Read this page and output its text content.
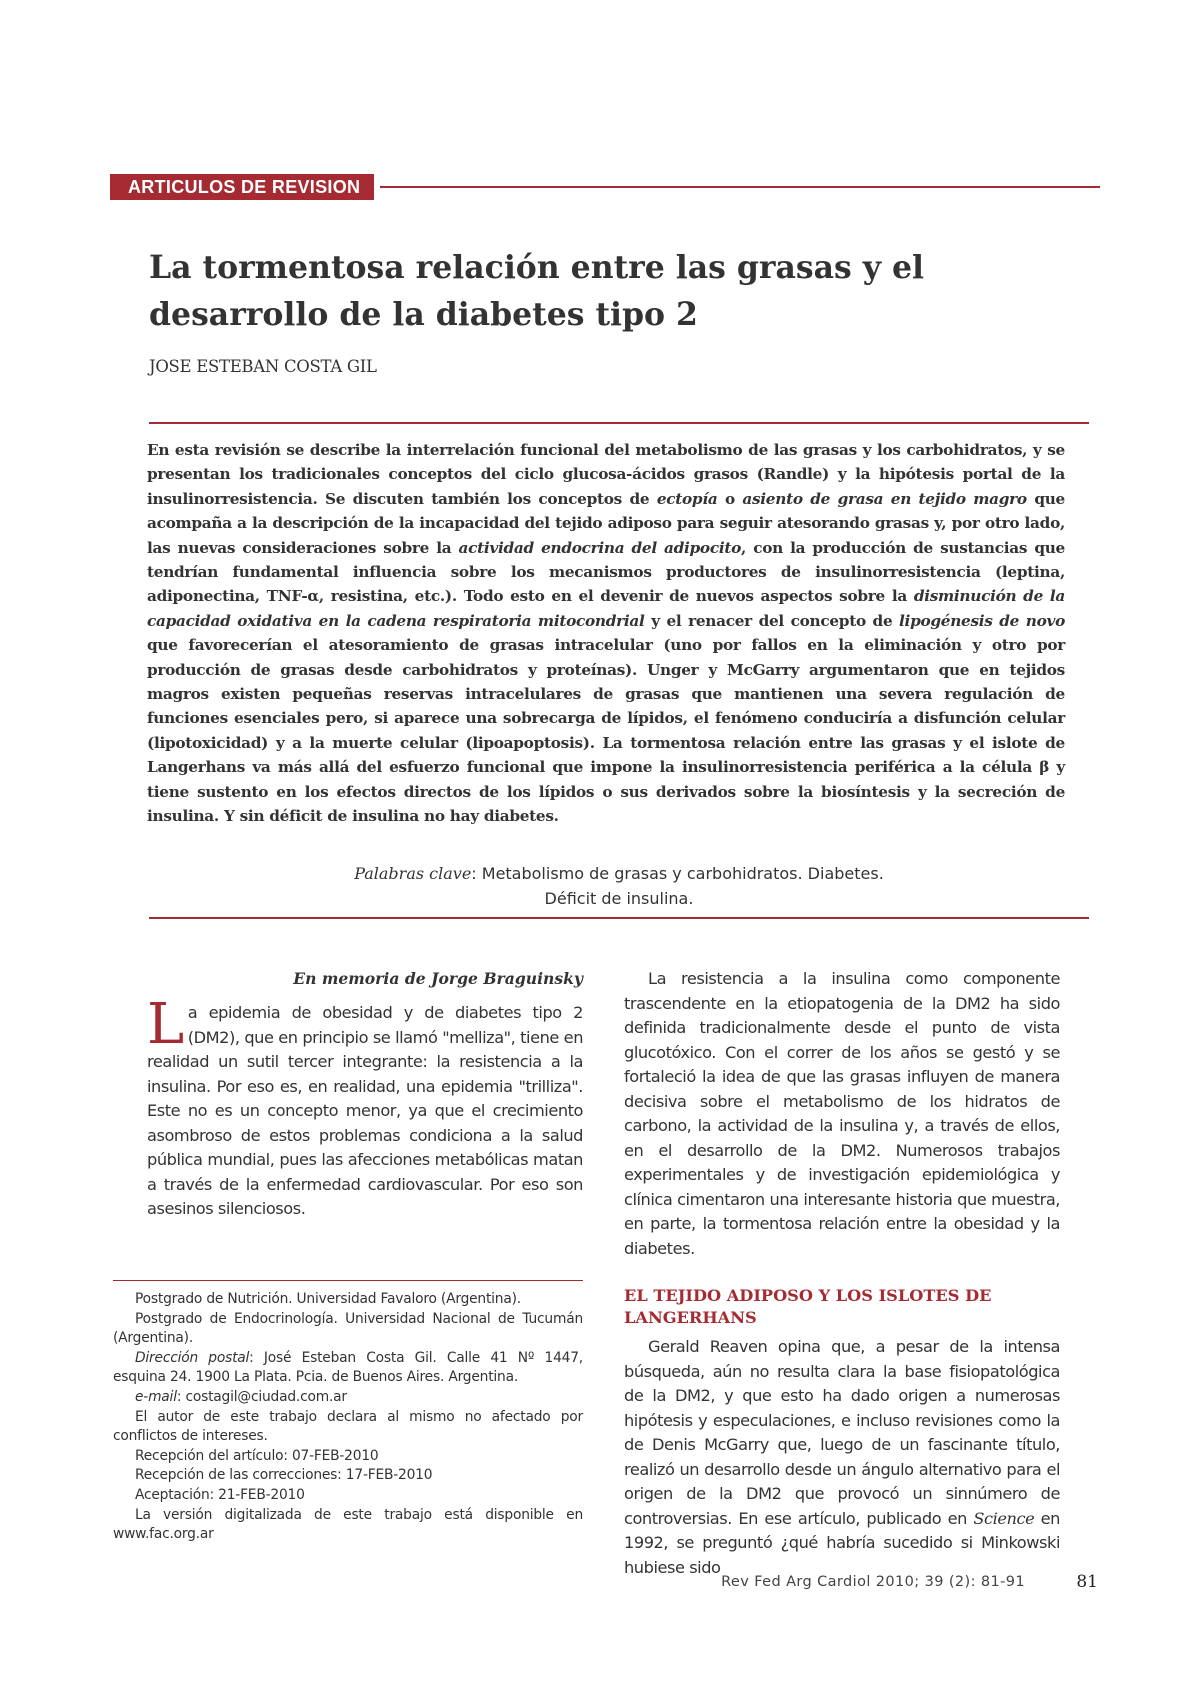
ARTICULOS DE REVISION
La tormentosa relación entre las grasas y el desarrollo de la diabetes tipo 2

JOSE ESTEBAN COSTA GIL

En esta revisión se describe la interrelación funcional del metabolismo de las grasas y los carbohidratos, y se presentan los tradicionales conceptos del ciclo glucosa-ácidos grasos (Randle) y la hipótesis portal de la insulinorresistencia. Se discuten también los conceptos de ectopía o asiento de grasa en tejido magro que acompaña a la descripción de la incapacidad del tejido adiposo para seguir atesorando grasas y, por otro lado, las nuevas consideraciones sobre la actividad endocrina del adipocito, con la producción de sustancias que tendrían fundamental influencia sobre los mecanismos productores de insulinorresistencia (leptina, adiponectina, TNF-α, resistina, etc.). Todo esto en el devenir de nuevos aspectos sobre la disminución de la capacidad oxidativa en la cadena respiratoria mitocondrial y el renacer del concepto de lipogénesis de novo que favorecerían el atesoramiento de grasas intracelular (uno por fallos en la eliminación y otro por producción de grasas desde carbohidratos y proteínas). Unger y McGarry argumentaron que en tejidos magros existen pequeñas reservas intracelulares de grasas que mantienen una severa regulación de funciones esenciales pero, si aparece una sobrecarga de lípidos, el fenómeno conduciría a disfunción celular (lipotoxicidad) y a la muerte celular (lipoapoptosis). La tormentosa relación entre las grasas y el islote de Langerhans va más allá del esfuerzo funcional que impone la insulinorresistencia periférica a la célula β y tiene sustento en los efectos directos de los lípidos o sus derivados sobre la biosíntesis y la secreción de insulina. Y sin déficit de insulina no hay diabetes.

Palabras clave: Metabolismo de grasas y carbohidratos. Diabetes.
Déficit de insulina.

En memoria de Jorge Braguinsky

La epidemia de obesidad y de diabetes tipo 2 (DM2), que en principio se llamó "melliza", tiene en realidad un sutil tercer integrante: la resistencia a la insulina. Por eso es, en realidad, una epidemia "trilliza". Este no es un concepto menor, ya que el crecimiento asombroso de estos problemas condiciona a la salud pública mundial, pues las afecciones metabólicas matan a través de la enfermedad cardiovascular. Por eso son asesinos silenciosos.

Postgrado de Nutrición. Universidad Favaloro (Argentina).

Postgrado de Endocrinología. Universidad Nacional de Tucumán (Argentina).

Dirección postal: José Esteban Costa Gil. Calle 41 Nº 1447, esquina 24. 1900 La Plata. Pcia. de Buenos Aires. Argentina.

e-mail: costagil@ciudad.com.ar

El autor de este trabajo declara al mismo no afectado por conflictos de intereses.

Recepción del artículo: 07-FEB-2010

Recepción de las correcciones: 17-FEB-2010

Aceptación: 21-FEB-2010

La versión digitalizada de este trabajo está disponible en www.fac.org.ar

La resistencia a la insulina como componente trascendente en la etiopatogenia de la DM2 ha sido definida tradicionalmente desde el punto de vista glucotóxico. Con el correr de los años se gestó y se fortaleció la idea de que las grasas influyen de manera decisiva sobre el metabolismo de los hidratos de carbono, la actividad de la insulina y, a través de ellos, en el desarrollo de la DM2. Numerosos trabajos experimentales y de investigación epidemiológica y clínica cimentaron una interesante historia que muestra, en parte, la tormentosa relación entre la obesidad y la diabetes.

EL TEJIDO ADIPOSO Y LOS ISLOTES DE LANGERHANS

Gerald Reaven opina que, a pesar de la intensa búsqueda, aún no resulta clara la base fisiopatológica de la DM2, y que esto ha dado origen a numerosas hipótesis y especulaciones, e incluso revisiones como la de Denis McGarry que, luego de un fascinante título, realizó un desarrollo desde un ángulo alternativo para el origen de la DM2 que provocó un sinnúmero de controversias. En ese artículo, publicado en Science en 1992, se preguntó ¿qué habría sucedido si Minkowski hubiese sido

Rev Fed Arg Cardiol 2010; 39 (2): 81-91	81
